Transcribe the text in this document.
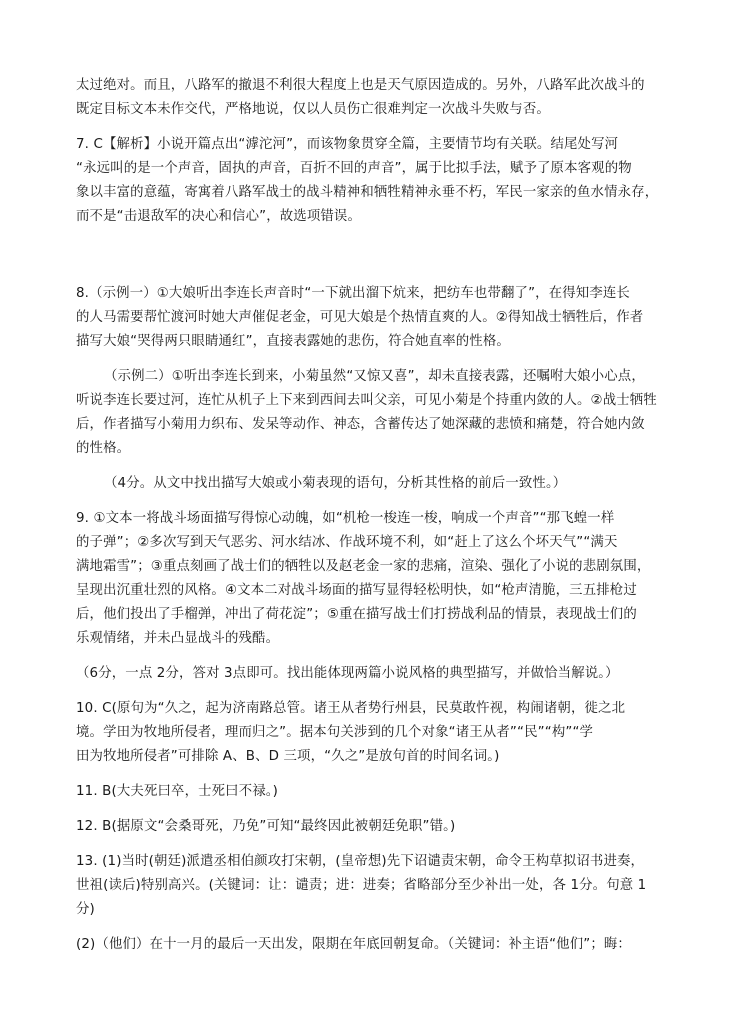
太过绝对。而且，八路军的撤退不利很大程度上也是天气原因造成的。另外，八路军此次战斗的
既定目标文本未作交代，严格地说，仅以人员伤亡很难判定一次战斗失败与否。
7. C【解析】小说开篇点出“滹沱河”，而该物象贯穿全篇，主要情节均有关联。结尾处写河
“永远叫的是一个声音，固执的声音，百折不回的声音”，属于比拟手法，赋予了原本客观的物
象以丰富的意蕴，寄寓着八路军战士的战斗精神和牺牲精神永垂不朽，军民一家亲的鱼水情永存，
而不是“击退敌军的决心和信心”，故选项错误。
8.（示例一）①大娘听出李连长声音时“一下就出溜下炕来，把纺车也带翻了”，在得知李连长
的人马需要帮忙渡河时她大声催促老金，可见大娘是个热情直爽的人。②得知战士牺牲后，作者
描写大娘“哭得两只眼睛通红”，直接表露她的悲伤，符合她直率的性格。
（示例二）①听出李连长到来，小菊虽然“又惊又喜”，却未直接表露，还嘱咐大娘小心点，
听说李连长要过河，连忙从机子上下来到西间去叫父亲，可见小菊是个持重内敛的人。②战士牺牲
后，作者描写小菊用力织布、发呆等动作、神态，含蓄传达了她深藏的悲愤和痛楚，符合她内敛
的性格。
（4分。从文中找出描写大娘或小菊表现的语句，分析其性格的前后一致性。）
9. ①文本一将战斗场面描写得惊心动魄，如“机枪一梭连一梭，响成一个声音”“那飞蝗一样
的子弹”；②多次写到天气恶劣、河水结冰、作战环境不利，如“赶上了这么个坏天气”“满天
满地霜雪”；③重点刻画了战士们的牺牲以及赵老金一家的悲痛，渲染、强化了小说的悲剧氛围，
呈现出沉重壮烈的风格。④文本二对战斗场面的描写显得轻松明快，如“枪声清脆，三五排枪过
后，他们投出了手榴弹，冲出了荷花淀”；⑤重在描写战士们打捞战利品的情景，表现战士们的
乐观情绪，并未凸显战斗的残酷。
（6分，一点 2分，答对 3点即可。找出能体现两篇小说风格的典型描写，并做恰当解说。）
10. C(原句为“久之，起为济南路总管。诸王从者势行州县，民莫敢忤视，构闹诸朝，徙之北
境。学田为牧地所侵者，理而归之”。据本句关涉到的几个对象“诸王从者”“民”“构”“学
田为牧地所侵者”可排除 A、B、D 三项，“久之”是放句首的时间名词。)
11. B(大夫死曰卒，士死曰不禄。)
12. B(据原文“会桑哥死，乃免”可知“最终因此被朝廷免职”错。)
13. (1)当时(朝廷)派遣丞相伯颜攻打宋朝，(皇帝想)先下诏谴责宋朝，命令王构草拟诏书进奏，
世祖(读后)特别高兴。(关键词：让：谴责；进：进奏；省略部分至少补出一处，各 1分。句意 1
分)
(2)（他们）在十一月的最后一天出发，限期在年底回朝复命。（关键词：补主语“他们”；晦：
